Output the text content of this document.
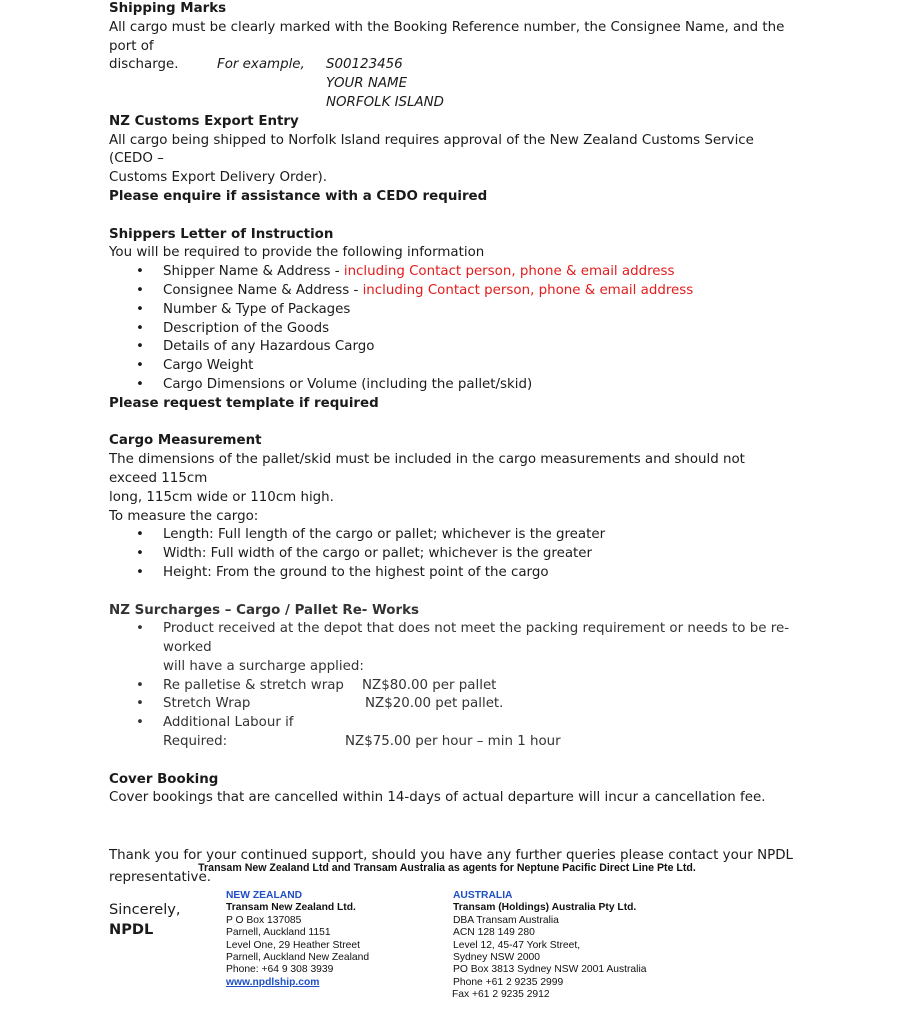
Shipping Marks

All cargo must be clearly marked with the Booking Reference number, the Consignee Name, and the port of

discharge.	For example,	S00123456

YOUR NAME

NORFOLK ISLAND

NZ Customs Export Entry

All cargo being shipped to Norfolk Island requires approval of the New Zealand Customs Service (CEDO –

Customs Export Delivery Order).

Please enquire if assistance with a CEDO required

Shippers Letter of Instruction

You will be required to provide the following information

• Shipper Name & Address - including Contact person, phone & email address
• Consignee Name & Address - including Contact person, phone & email address
• Number & Type of Packages
• Description of the Goods
• Details of any Hazardous Cargo
• Cargo Weight
• Cargo Dimensions or Volume (including the pallet/skid)

Please request template if required

Cargo Measurement

The dimensions of the pallet/skid must be included in the cargo measurements and should not exceed 115cm

long, 115cm wide or 110cm high.

To measure the cargo:

• Length: Full length of the cargo or pallet; whichever is the greater
• Width: Full width of the cargo or pallet; whichever is the greater
• Height: From the ground to the highest point of the cargo

NZ Surcharges – Cargo / Pallet Re- Works

• Product received at the depot that does not meet the packing requirement or needs to be re-worked
will have a surcharge applied:
• Re palletise & stretch wrap NZ$80.00 per pallet
• Stretch Wrap	NZ$20.00 pet pallet.
• Additional Labour if Required:	NZ$75.00 per hour – min 1 hour

Cover Booking

Cover bookings that are cancelled within 14-days of actual departure will incur a cancellation fee.

Thank you for your continued support, should you have any further queries please contact your NPDL representative.

Sincerely,

NPDL

Transam New Zealand Ltd and Transam Australia as agents for Neptune Pacific Direct Line Pte Ltd.
NEW ZEALAND
Transam New Zealand Ltd.
P O Box 137085
Parnell, Auckland 1151
Level One, 29 Heather Street
Parnell, Auckland New Zealand
Phone: +64 9 308 3939
www.npdlship.com
AUSTRALIA
Transam (Holdings) Australia Pty Ltd.
DBA Transam Australia
ACN 128 149 280
Level 12, 45-47 York Street,
Sydney NSW 2000
PO Box 3813 Sydney NSW 2001 Australia
Phone +61 2 9235 2999
Fax +61 2 9235 2912
